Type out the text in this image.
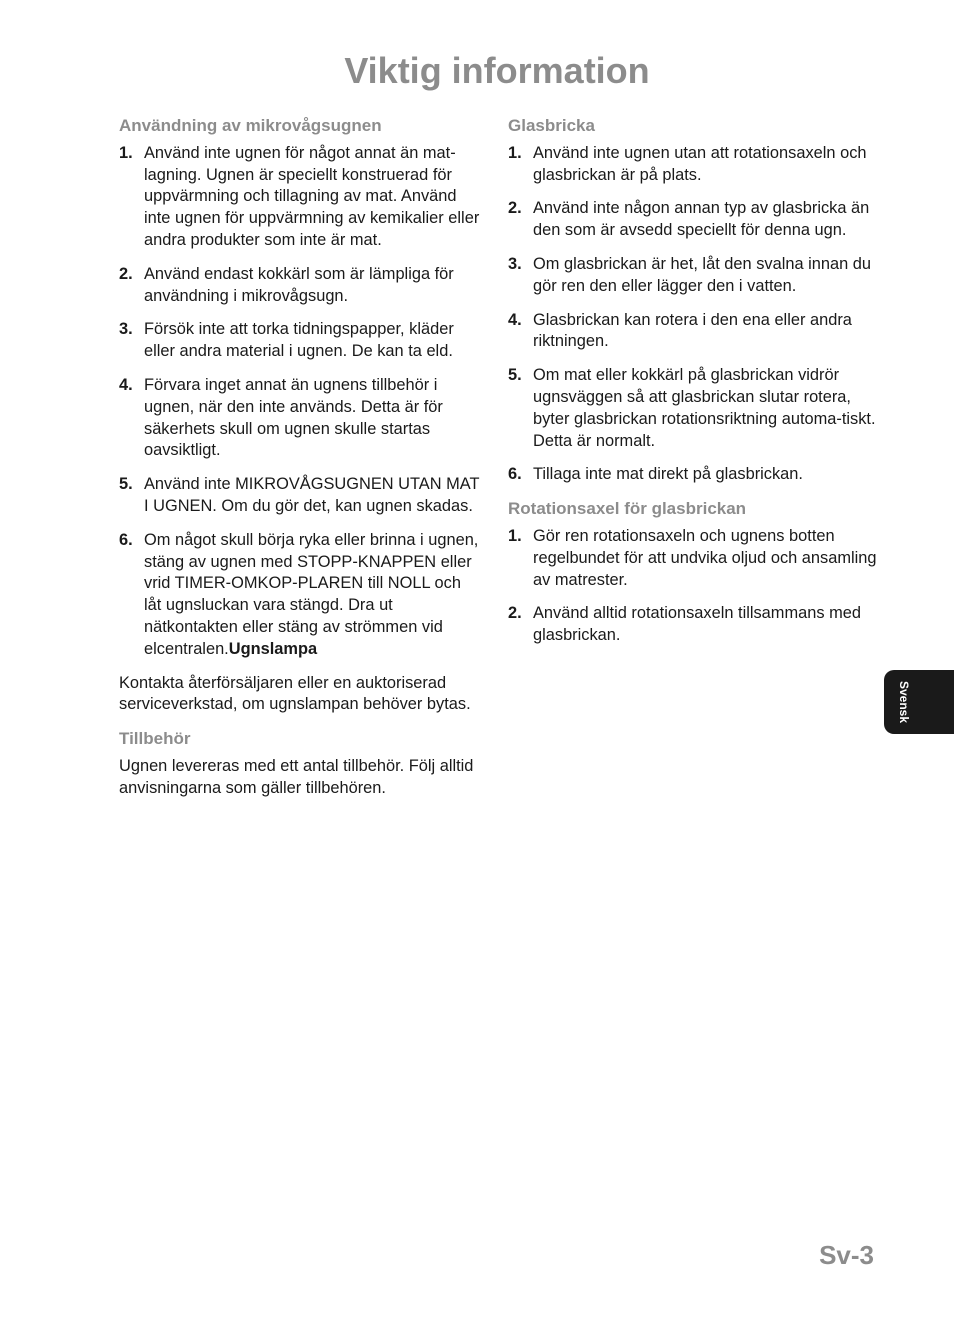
Viktig information
Användning av mikrovågsugnen
1. Använd inte ugnen för något annat än mat-lagning. Ugnen är speciellt konstruerad för uppvärmning och tillagning av mat. Använd inte ugnen för uppvärmning av kemikalier eller andra produkter som inte är mat.
2. Använd endast kokkärl som är lämpliga för användning i mikrovågsugn.
3. Försök inte att torka tidningspapper, kläder eller andra material i ugnen. De kan ta eld.
4. Förvara inget annat än ugnens tillbehör i ugnen, när den inte används. Detta är för säkerhets skull om ugnen skulle startas oavsiktligt.
5. Använd inte MIKROVÅGSUGNEN UTAN MAT I UGNEN. Om du gör det, kan ugnen skadas.
6. Om något skull börja ryka eller brinna i ugnen, stäng av ugnen med STOPP-KNAPPEN eller vrid TIMER-OMKOP-PLAREN till NOLL och låt ugnsluckan vara stängd. Dra ut nätkontakten eller stäng av strömmen vid elcentralen.Ugnslampa

Kontakta återförsäljaren eller en auktoriserad serviceverkstad, om ugnslampan behöver bytas.

Tillbehör

Ugnen levereras med ett antal tillbehör. Följ alltid anvisningarna som gäller tillbehören.

Glasbricka
1. Använd inte ugnen utan att rotationsaxeln och glasbrickan är på plats.
2. Använd inte någon annan typ av glasbricka än den som är avsedd speciellt för denna ugn.
3. Om glasbrickan är het, låt den svalna innan du gör ren den eller lägger den i vatten.
4. Glasbrickan kan rotera i den ena eller andra riktningen.
5. Om mat eller kokkärl på glasbrickan vidrör ugnsväggen så att glasbrickan slutar rotera, byter glasbrickan rotationsriktning automa-tiskt. Detta är normalt.
6. Tillaga inte mat direkt på glasbrickan.
Rotationsaxel för glasbrickan
1. Gör ren rotationsaxeln och ugnens botten regelbundet för att undvika oljud och ansamling av matrester.
2. Använd alltid rotationsaxeln tillsammans med glasbrickan.
Svensk
Sv-3
